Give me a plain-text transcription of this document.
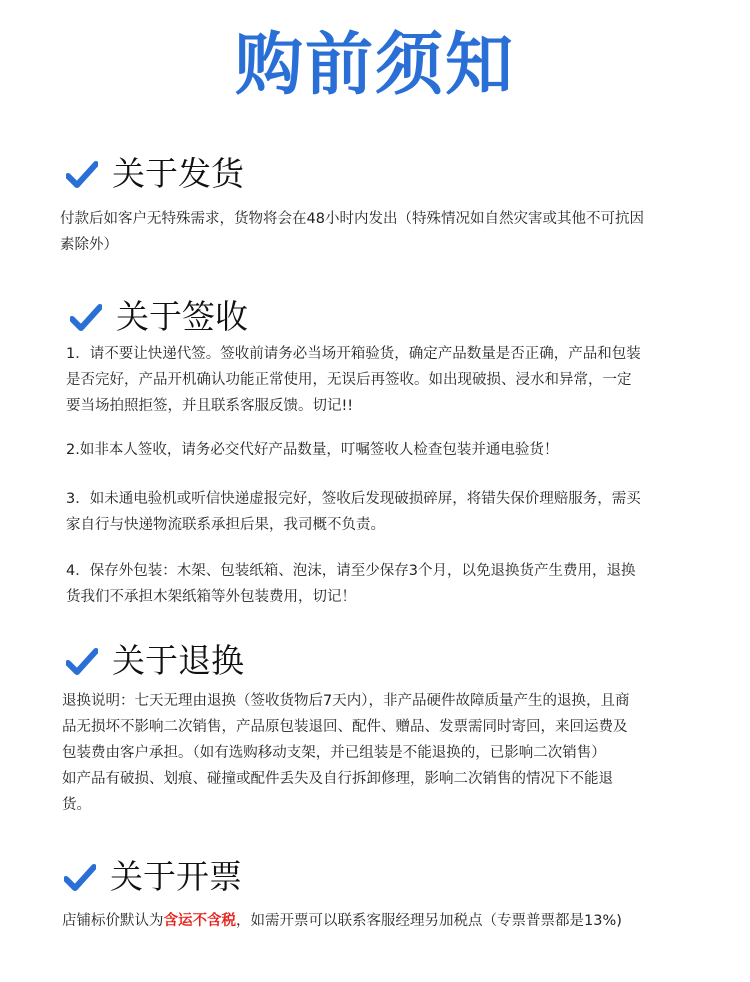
购前须知
关于发货
付款后如客户无特殊需求，货物将会在48小时内发出（特殊情况如自然灾害或其他不可抗因
素除外）
关于签收
1．请不要让快递代签。签收前请务必当场开箱验货，确定产品数量是否正确，产品和包装
是否完好，产品开机确认功能正常使用，无误后再签收。如出现破损、浸水和异常，一定
要当场拍照拒签，并且联系客服反馈。切记!!
2.如非本人签收，请务必交代好产品数量，叮嘱签收人检查包装并通电验货！
3．如未通电验机或听信快递虚报完好，签收后发现破损碎屏，将错失保价理赔服务，需买
家自行与快递物流联系承担后果，我司概不负责。
4．保存外包装：木架、包装纸箱、泡沫，请至少保存3个月，以免退换货产生费用，退换
货我们不承担木架纸箱等外包装费用，切记！
关于退换
退换说明：七天无理由退换（签收货物后7天内），非产品硬件故障质量产生的退换，且商
品无损坏不影响二次销售，产品原包装退回、配件、赠品、发票需同时寄回，来回运费及
包装费由客户承担。（如有选购移动支架，并已组装是不能退换的，已影响二次销售）
如产品有破损、划痕、碰撞或配件丢失及自行拆卸修理，影响二次销售的情况下不能退
货。
关于开票
店铺标价默认为含运不含税，如需开票可以联系客服经理另加税点（专票普票都是13%)
